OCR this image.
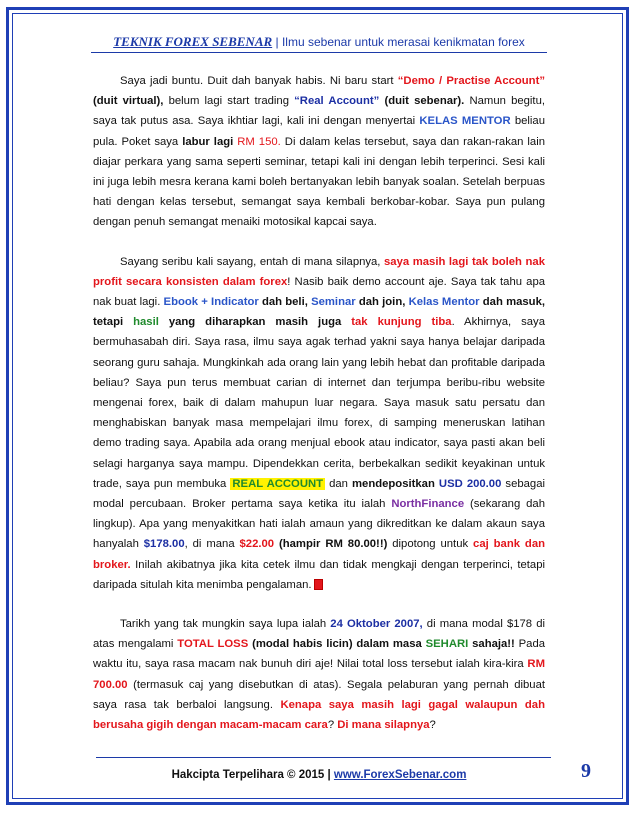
TEKNIK FOREX SEBENAR | Ilmu sebenar untuk merasai kenikmatan forex

Saya jadi buntu. Duit dah banyak habis. Ni baru start “Demo / Practise Account” (duit virtual), belum lagi start trading “Real Account” (duit sebenar). Namun begitu, saya tak putus asa. Saya ikhtiar lagi, kali ini dengan menyertai KELAS MENTOR beliau pula. Poket saya labur lagi RM 150. Di dalam kelas tersebut, saya dan rakan-rakan lain diajar perkara yang sama seperti seminar, tetapi kali ini dengan lebih terperinci. Sesi kali ini juga lebih mesra kerana kami boleh bertanyakan lebih banyak soalan. Setelah berpuas hati dengan kelas tersebut, semangat saya kembali berkobar-kobar. Saya pun pulang dengan penuh semangat menaiki motosikal kapcai saya.

Sayang seribu kali sayang, entah di mana silapnya, saya masih lagi tak boleh nak profit secara konsisten dalam forex! Nasib baik demo account aje. Saya tak tahu apa nak buat lagi. Ebook + Indicator dah beli, Seminar dah join, Kelas Mentor dah masuk, tetapi hasil yang diharapkan masih juga tak kunjung tiba. Akhirnya, saya bermuhasabah diri. Saya rasa, ilmu saya agak terhad yakni saya hanya belajar daripada seorang guru sahaja. Mungkinkah ada orang lain yang lebih hebat dan profitable daripada beliau? Saya pun terus membuat carian di internet dan terjumpa beribu-ribu website mengenai forex, baik di dalam mahupun luar negara. Saya masuk satu persatu dan menghabiskan banyak masa mempelajari ilmu forex, di samping meneruskan latihan demo trading saya. Apabila ada orang menjual ebook atau indicator, saya pasti akan beli selagi harganya saya mampu. Dipendekkan cerita, berbekalkan sedikit keyakinan untuk trade, saya pun membuka REAL ACCOUNT dan mendepositkan USD 200.00 sebagai modal percubaan. Broker pertama saya ketika itu ialah NorthFinance (sekarang dah lingkup). Apa yang menyakitkan hati ialah amaun yang dikreditkan ke dalam akaun saya hanyalah $178.00, di mana $22.00 (hampir RM 80.00!!) dipotong untuk caj bank dan broker. Inilah akibatnya jika kita cetek ilmu dan tidak mengkaji dengan terperinci, tetapi daripada situlah kita menimba pengalaman.

Tarikh yang tak mungkin saya lupa ialah 24 Oktober 2007, di mana modal $178 di atas mengalami TOTAL LOSS (modal habis licin) dalam masa SEHARI sahaja!! Pada waktu itu, saya rasa macam nak bunuh diri aje! Nilai total loss tersebut ialah kira-kira RM 700.00 (termasuk caj yang disebutkan di atas). Segala pelaburan yang pernah dibuat saya rasa tak berbaloi langsung. Kenapa saya masih lagi gagal walaupun dah berusaha gigih dengan macam-macam cara? Di mana silapnya?

Hakcipta Terpelihara © 2015 | www.ForexSebenar.com	9
